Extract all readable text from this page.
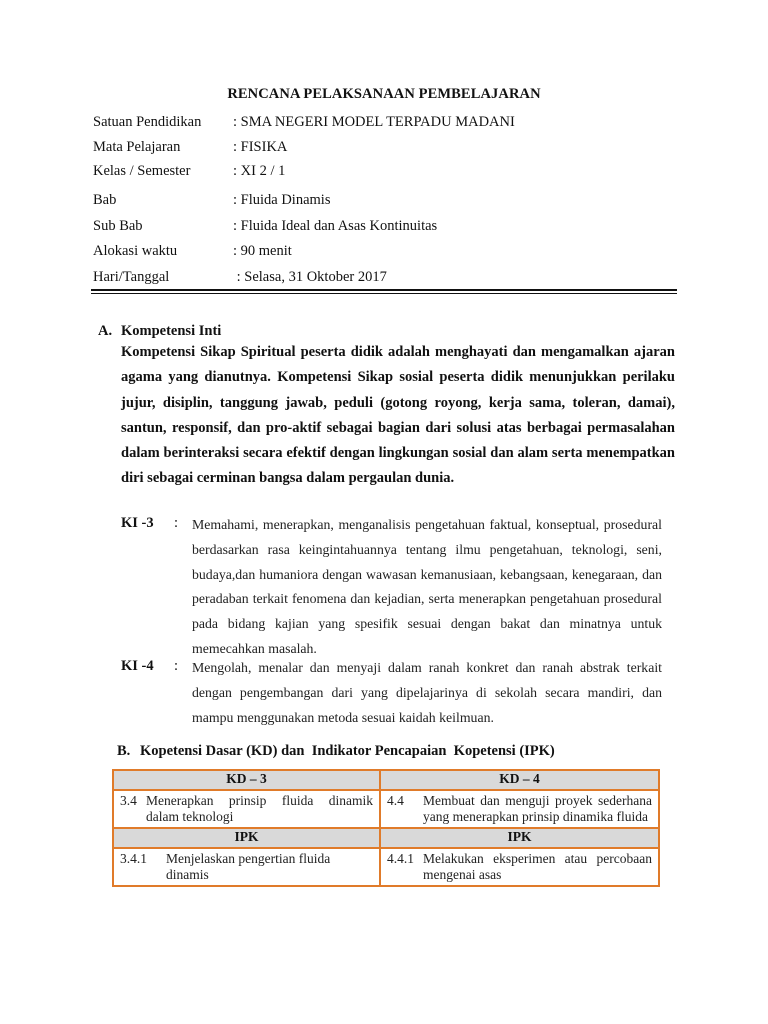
RENCANA PELAKSANAAN PEMBELAJARAN
Satuan Pendidikan	: SMA NEGERI MODEL TERPADU MADANI
Mata Pelajaran	: FISIKA
Kelas / Semester	: XI 2 / 1
Bab	: Fluida Dinamis
Sub Bab	: Fluida Ideal dan Asas Kontinuitas
Alokasi waktu	: 90 menit
Hari/Tanggal	: Selasa, 31 Oktober 2017
A. Kompetensi Inti
Kompetensi Sikap Spiritual peserta didik adalah menghayati dan mengamalkan ajaran agama yang dianutnya. Kompetensi Sikap sosial peserta didik menunjukkan perilaku jujur, disiplin, tanggung jawab, peduli (gotong royong, kerja sama, toleran, damai), santun, responsif, dan pro-aktif sebagai bagian dari solusi atas berbagai permasalahan dalam berinteraksi secara efektif dengan lingkungan sosial dan alam serta menempatkan diri sebagai cerminan bangsa dalam pergaulan dunia.
KI -3 : Memahami, menerapkan, menganalisis pengetahuan faktual, konseptual, prosedural berdasarkan rasa keingintahuannya tentang ilmu pengetahuan, teknologi, seni, budaya,dan humaniora dengan wawasan kemanusiaan, kebangsaan, kenegaraan, dan peradaban terkait fenomena dan kejadian, serta menerapkan pengetahuan prosedural pada bidang kajian yang spesifik sesuai dengan bakat dan minatnya untuk memecahkan masalah.
KI -4 : Mengolah, menalar dan menyaji dalam ranah konkret dan ranah abstrak terkait dengan pengembangan dari yang dipelajarinya di sekolah secara mandiri, dan mampu menggunakan metoda sesuai kaidah keilmuan.
B. Kopetensi Dasar (KD) dan  Indikator Pencapaian  Kopetensi (IPK)
KD – 3	KD – 4

3.4 Menerapkan prinsip fluida dinamik dalam teknologi	4.4 Membuat dan menguji proyek sederhana yang menerapkan prinsip dinamika fluida

IPK	IPK

3.4.1 Menjelaskan pengertian fluida dinamis	4.4.1 Melakukan eksperimen atau percobaan mengenai asas
